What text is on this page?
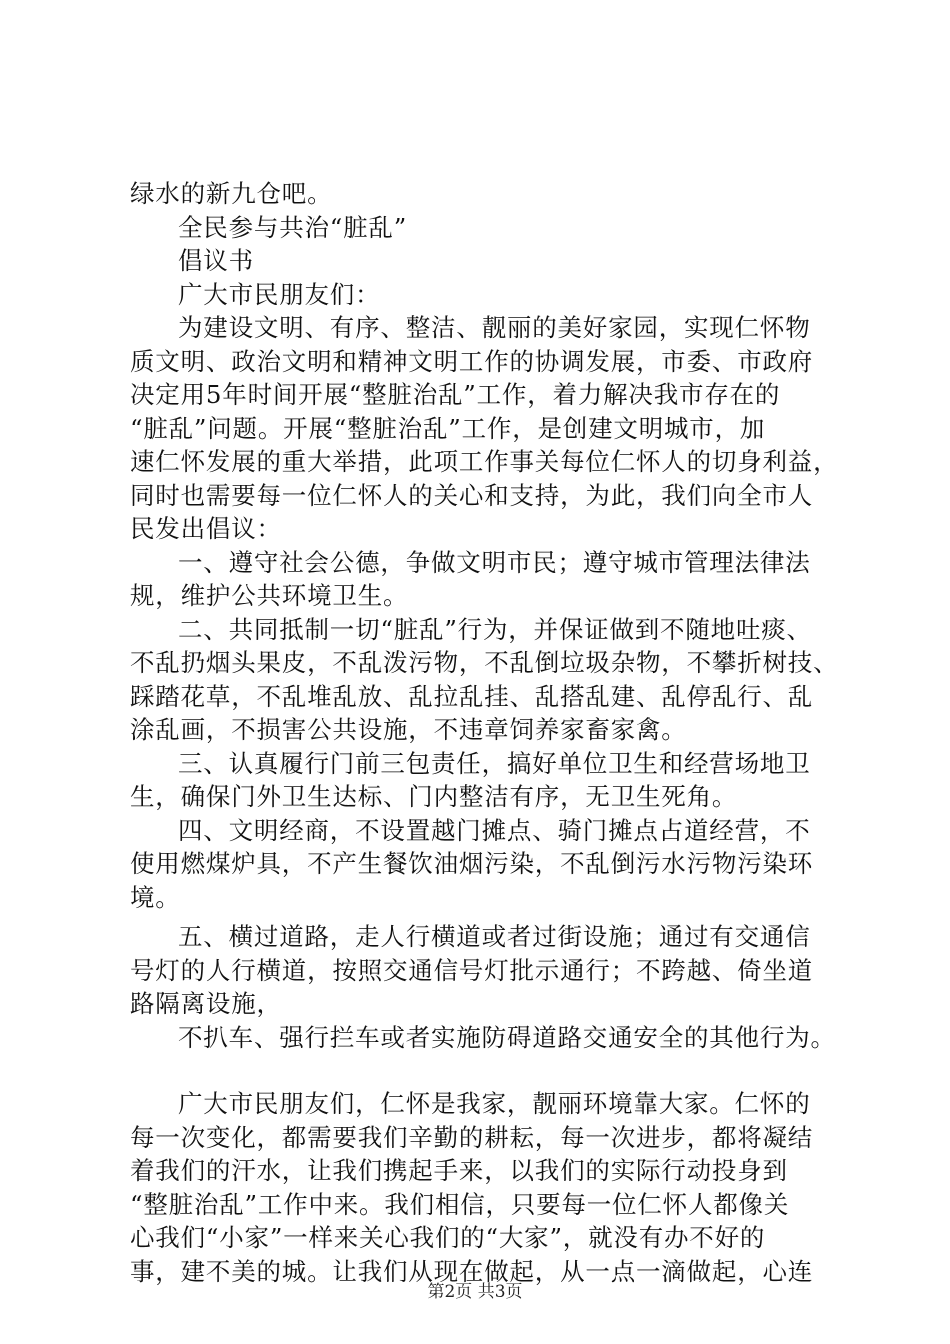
绿水的新九仓吧。
全民参与共治“脏乱”
倡议书
广大市民朋友们：
为建设文明、有序、整洁、靓丽的美好家园，实现仁怀物
质文明、政治文明和精神文明工作的协调发展，市委、市政府
决定用5年时间开展“整脏治乱”工作，着力解决我市存在的
“脏乱”问题。开展“整脏治乱”工作，是创建文明城市，加
速仁怀发展的重大举措，此项工作事关每位仁怀人的切身利益，
同时也需要每一位仁怀人的关心和支持，为此，我们向全市人
民发出倡议：
一、遵守社会公德，争做文明市民；遵守城市管理法律法
规，维护公共环境卫生。
二、共同抵制一切“脏乱”行为，并保证做到不随地吐痰、
不乱扔烟头果皮，不乱泼污物，不乱倒垃圾杂物，不攀折树技、
踩踏花草，不乱堆乱放、乱拉乱挂、乱搭乱建、乱停乱行、乱
涂乱画，不损害公共设施，不违章饲养家畜家禽。
三、认真履行门前三包责任，搞好单位卫生和经营场地卫
生，确保门外卫生达标、门内整洁有序，无卫生死角。
四、文明经商，不设置越门摊点、骑门摊点占道经营，不
使用燃煤炉具，不产生餐饮油烟污染，不乱倒污水污物污染环
境。
五、横过道路，走人行横道或者过街设施；通过有交通信
号灯的人行横道，按照交通信号灯批示通行；不跨越、倚坐道
路隔离设施，
不扒车、强行拦车或者实施防碍道路交通安全的其他行为。
广大市民朋友们，仁怀是我家，靓丽环境靠大家。仁怀的
每一次变化，都需要我们辛勤的耕耘，每一次进步，都将凝结
着我们的汗水，让我们携起手来，以我们的实际行动投身到
“整脏治乱”工作中来。我们相信，只要每一位仁怀人都像关
心我们“小家”一样来关心我们的“大家”，就没有办不好的
事，建不美的城。让我们从现在做起，从一点一滴做起，心连
第2页 共3页
